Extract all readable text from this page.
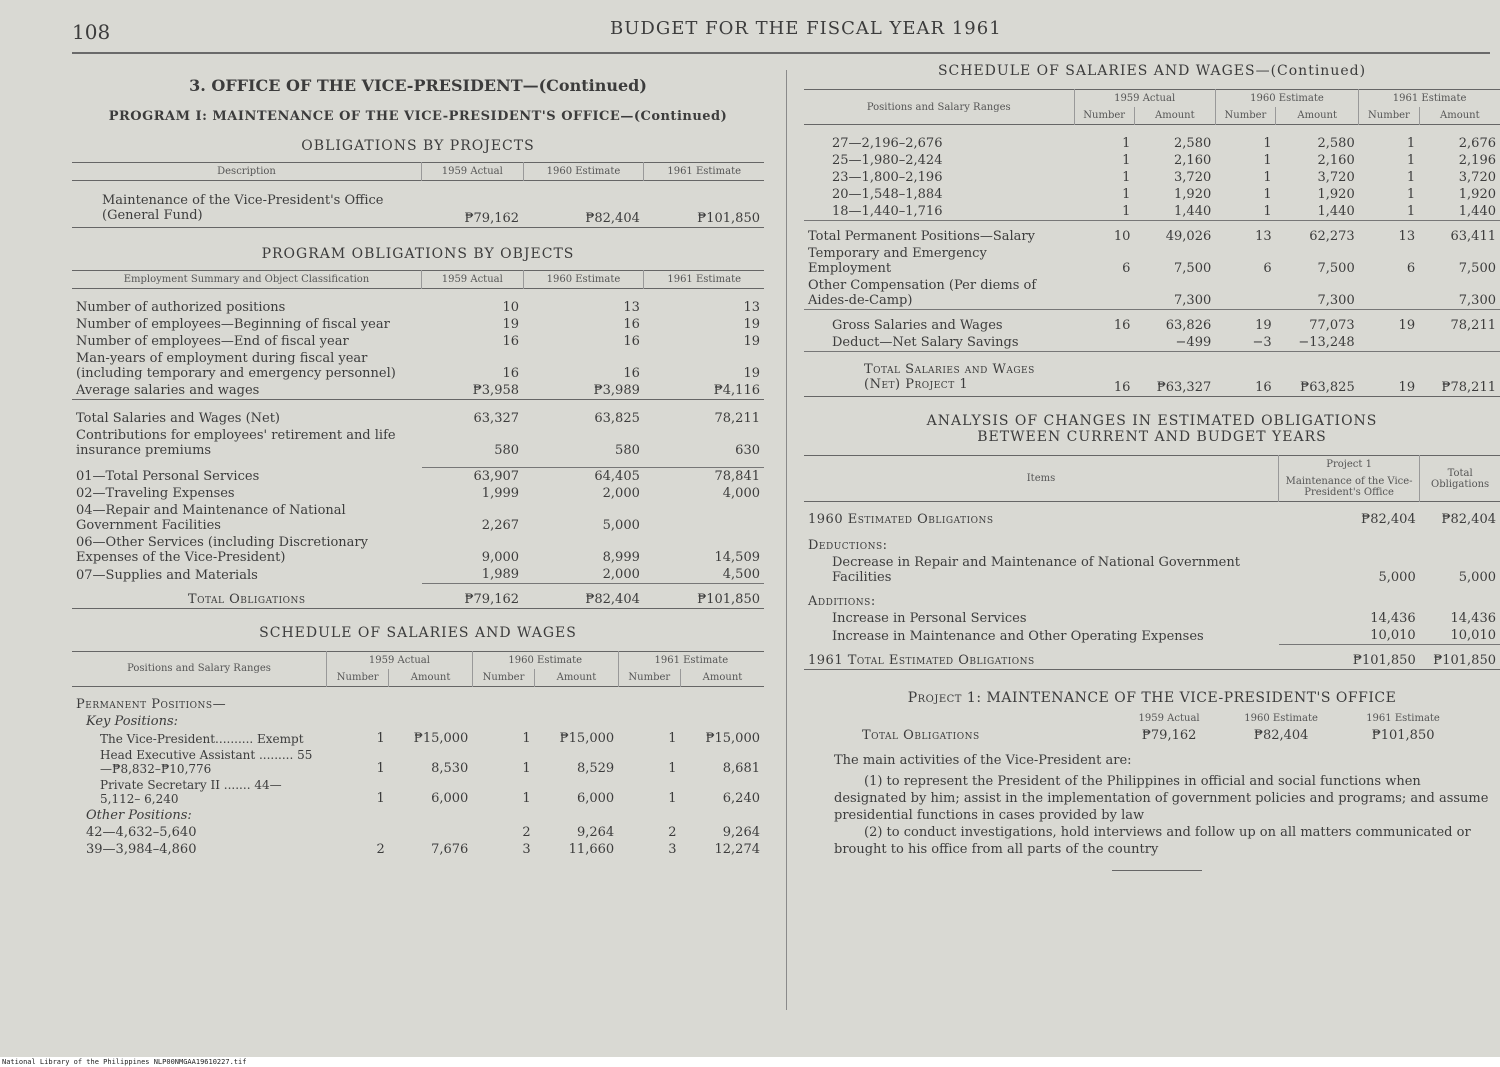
108	BUDGET FOR THE FISCAL YEAR 1961
3. OFFICE OF THE VICE-PRESIDENT—(Continued)
PROGRAM I: MAINTENANCE OF THE VICE-PRESIDENT'S OFFICE—(Continued)
OBLIGATIONS BY PROJECTS
Description	1959 Actual	1960 Estimate	1961 Estimate
Maintenance of the Vice-President's Office (General Fund)	₱79,162	₱82,404	₱101,850
PROGRAM OBLIGATIONS BY OBJECTS
Employment Summary and Object Classification	1959 Actual	1960 Estimate	1961 Estimate

Number of authorized positions	10	13	13
Number of employees—Beginning of fiscal year	19	16	19
Number of employees—End of fiscal year	16	16	19
Man-years of employment during fiscal year (including temporary and emergency personnel)	16	16	19
Average salaries and wages	₱3,958	₱3,989	₱4,116

Total Salaries and Wages (Net)	63,327	63,825	78,211
Contributions for employees' retirement and life insurance premiums	580	580	630

01—Total Personal Services	63,907	64,405	78,841
02—Traveling Expenses	1,999	2,000	4,000
04—Repair and Maintenance of National Government Facilities	2,267	5,000	
06—Other Services (including Discretionary Expenses of the Vice-President)	9,000	8,999	14,509
07—Supplies and Materials	1,989	2,000	4,500
Total Obligations	₱79,162	₱82,404	₱101,850
SCHEDULE OF SALARIES AND WAGES
Positions and Salary Ranges	1959 Actual		1960 Estimate		1961 Estimate	
	Number	Amount	Number	Amount	Number	Amount
Permanent Positions—						
Key Positions:						
The Vice-President.......... Exempt	1	₱15,000	1	₱15,000	1	₱15,000
Head Executive Assistant ......... 55—₱8,832–₱10,776	1	8,530	1	8,529	1	8,681
Private Secretary II ....... 44— 5,112– 6,240	1	6,000	1	6,000	1	6,240
Other Positions:						
42—4,632–5,640			2	9,264	2	9,264
39—3,984–4,860	2	7,676	3	11,660	3	12,274
SCHEDULE OF SALARIES AND WAGES—(Continued)
Positions and Salary Ranges	1959 Actual		1960 Estimate		1961 Estimate	
	Number	Amount	Number	Amount	Number	Amount

27—2,196–2,676	1	2,580	1	2,580	1	2,676
25—1,980–2,424	1	2,160	1	2,160	1	2,196
23—1,800–2,196	1	3,720	1	3,720	1	3,720
20—1,548–1,884	1	1,920	1	1,920	1	1,920
18—1,440–1,716	1	1,440	1	1,440	1	1,440
Total Permanent Positions—Salary	10	49,026	13	62,273	13	63,411
Temporary and Emergency Employment	6	7,500	6	7,500	6	7,500
Other Compensation (Per diems of Aides-de-Camp)		7,300		7,300		7,300
Gross Salaries and Wages	16	63,826	19	77,073	19	78,211
Deduct—Net Salary Savings		−499	−3	−13,248		
Total Salaries and Wages (Net) Project 1	16	₱63,327	16	₱63,825	19	₱78,211
ANALYSIS OF CHANGES IN ESTIMATED OBLIGATIONS
BETWEEN CURRENT AND BUDGET YEARS
Items	Project 1	Total Obligations
	Maintenance of the Vice-President's Office	
1960 Estimated Obligations	₱82,404	₱82,404
Deductions:		
Decrease in Repair and Maintenance of National Government Facilities	5,000	5,000
Additions:		
Increase in Personal Services	14,436	14,436
Increase in Maintenance and Other Operating Expenses	10,010	10,010
1961 Total Estimated Obligations	₱101,850	₱101,850
Project 1: MAINTENANCE OF THE VICE-PRESIDENT'S OFFICE
	1959 Actual	1960 Estimate	1961 Estimate
Total Obligations	₱79,162	₱82,404	₱101,850

The main activities of the Vice-President are:

(1) to represent the President of the Philippines in official and social functions when designated by him; assist in the implementation of government policies and programs; and assume presidential functions in cases provided by law

(2) to conduct investigations, hold interviews and follow up on all matters communicated or brought to his office from all parts of the country

National Library of the Philippines NLP00NMGAA19610227.tif
